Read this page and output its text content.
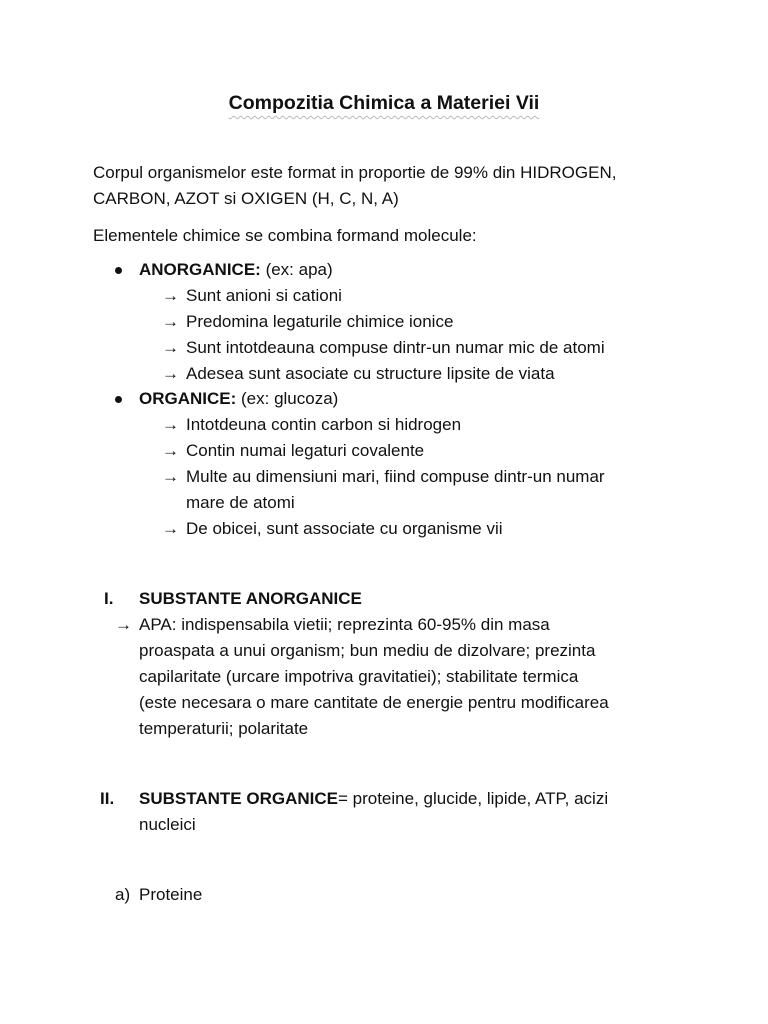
Compozitia Chimica a Materiei Vii
Corpul organismelor este format in proportie de 99% din HIDROGEN,
CARBON, AZOT si OXIGEN (H, C, N, A)
Elementele chimice se combina formand molecule:
ANORGANICE: (ex: apa)
→ Sunt anioni si cationi
→ Predomina legaturile chimice ionice
→ Sunt intotdeauna compuse dintr-un numar mic de atomi
→ Adesea sunt asociate cu structure lipsite de viata
ORGANICE: (ex: glucoza)
→ Intotdeuna contin carbon si hidrogen
→ Contin numai legaturi covalente
→ Multe au dimensiuni mari, fiind compuse dintr-un numar
mare de atomi
→ De obicei, sunt associate cu organisme vii
I. SUBSTANTE ANORGANICE
→ APA: indispensabila vietii; reprezinta 60-95% din masa
proaspata a unui organism; bun mediu de dizolvare; prezinta
capilaritate (urcare impotriva gravitatiei); stabilitate termica
(este necesara o mare cantitate de energie pentru modificarea
temperaturii; polaritate
II. SUBSTANTE ORGANICE= proteine, glucide, lipide, ATP, acizi
nucleici
a) Proteine
